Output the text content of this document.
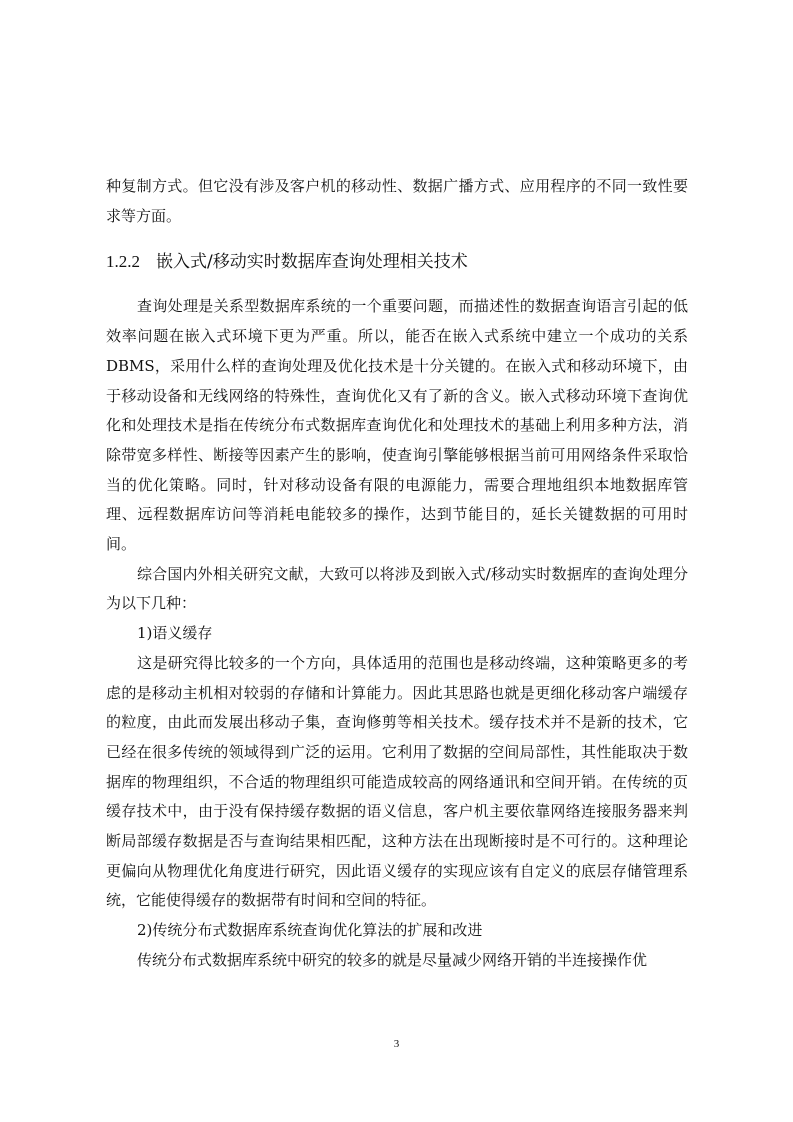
种复制方式。但它没有涉及客户机的移动性、数据广播方式、应用程序的不同一致性要求等方面。

1.2.2 嵌入式/移动实时数据库查询处理相关技术

查询处理是关系型数据库系统的一个重要问题，而描述性的数据查询语言引起的低效率问题在嵌入式环境下更为严重。所以，能否在嵌入式系统中建立一个成功的关系DBMS，采用什么样的查询处理及优化技术是十分关键的。在嵌入式和移动环境下，由于移动设备和无线网络的特殊性，查询优化又有了新的含义。嵌入式移动环境下查询优化和处理技术是指在传统分布式数据库查询优化和处理技术的基础上利用多种方法，消除带宽多样性、断接等因素产生的影响，使查询引擎能够根据当前可用网络条件采取恰当的优化策略。同时，针对移动设备有限的电源能力，需要合理地组织本地数据库管理、远程数据库访问等消耗电能较多的操作，达到节能目的，延长关键数据的可用时间。

综合国内外相关研究文献，大致可以将涉及到嵌入式/移动实时数据库的查询处理分为以下几种：

1)语义缓存

这是研究得比较多的一个方向，具体适用的范围也是移动终端，这种策略更多的考虑的是移动主机相对较弱的存储和计算能力。因此其思路也就是更细化移动客户端缓存的粒度，由此而发展出移动子集，查询修剪等相关技术。缓存技术并不是新的技术，它已经在很多传统的领域得到广泛的运用。它利用了数据的空间局部性，其性能取决于数据库的物理组织，不合适的物理组织可能造成较高的网络通讯和空间开销。在传统的页缓存技术中，由于没有保持缓存数据的语义信息，客户机主要依靠网络连接服务器来判断局部缓存数据是否与查询结果相匹配，这种方法在出现断接时是不可行的。这种理论更偏向从物理优化角度进行研究，因此语义缓存的实现应该有自定义的底层存储管理系统，它能使得缓存的数据带有时间和空间的特征。

2)传统分布式数据库系统查询优化算法的扩展和改进

传统分布式数据库系统中研究的较多的就是尽量减少网络开销的半连接操作优

3
